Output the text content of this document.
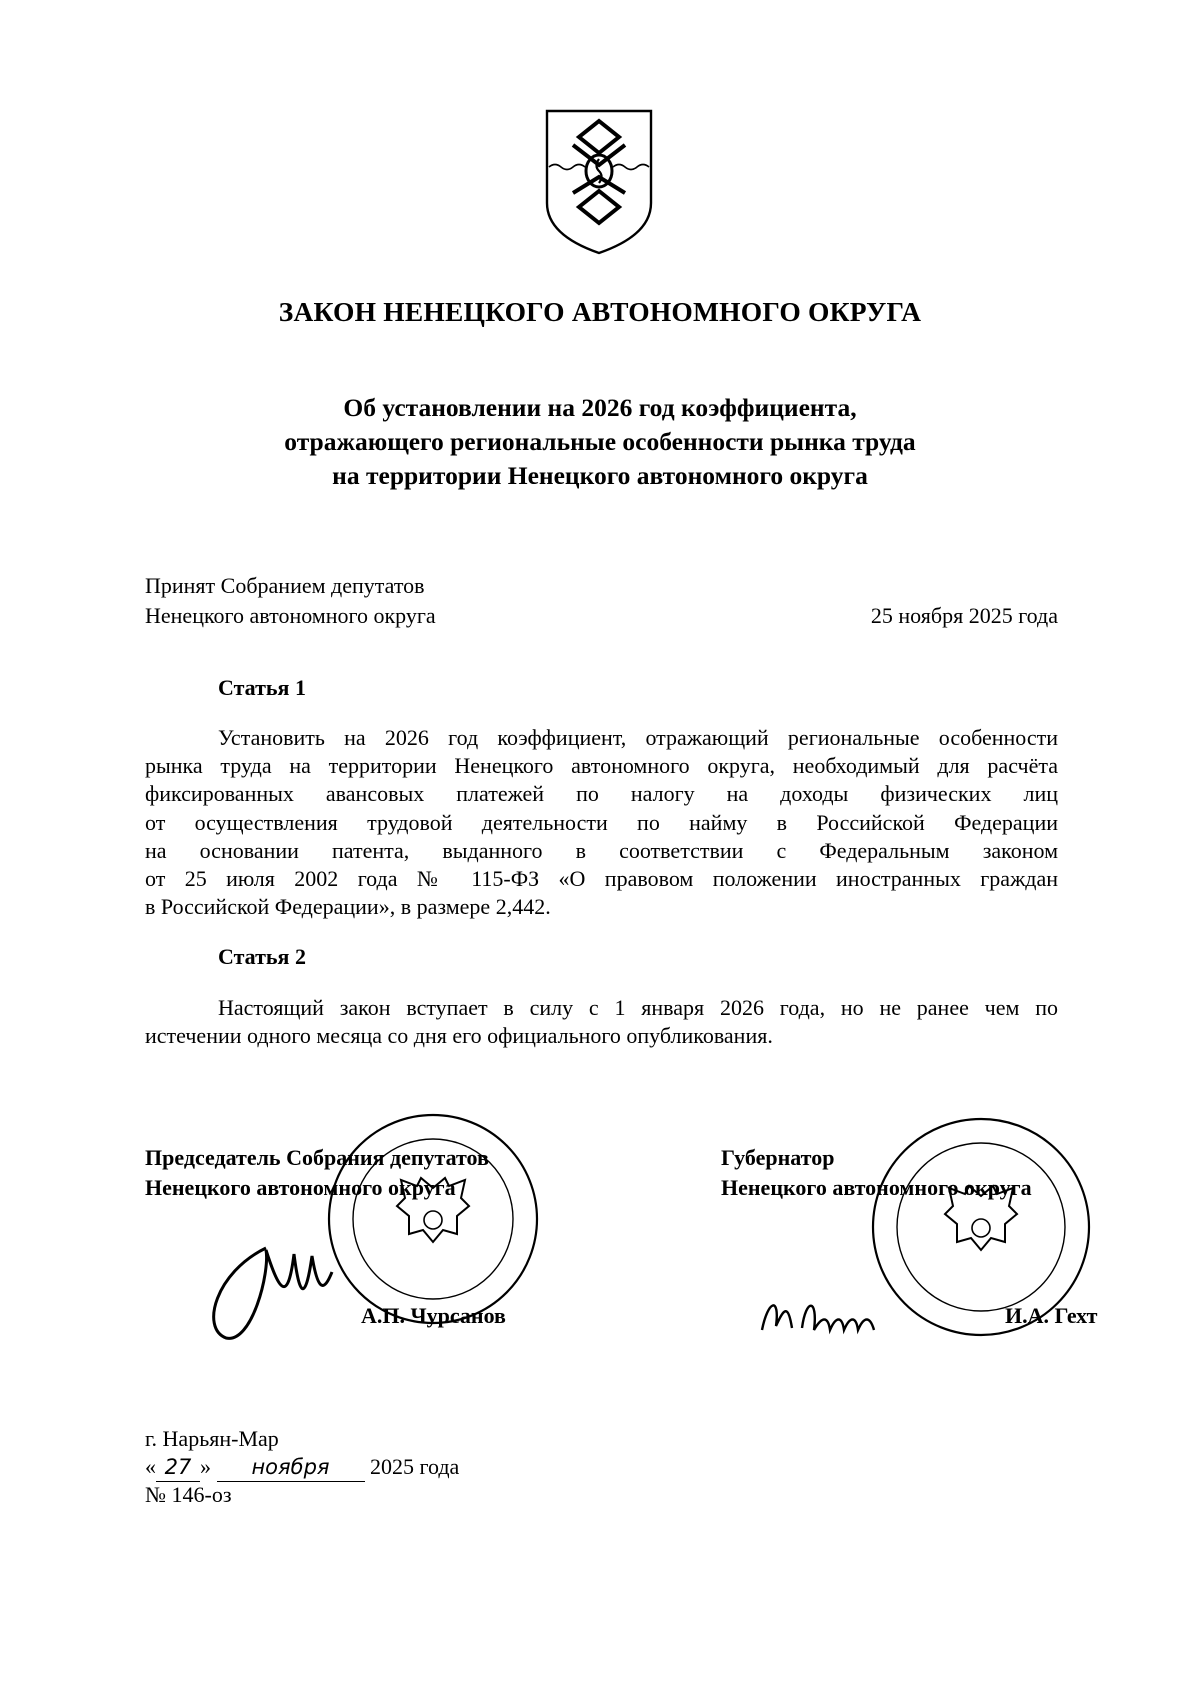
ЗАКОН НЕНЕЦКОГО АВТОНОМНОГО ОКРУГА
Об установлении на 2026 год коэффициента,
отражающего региональные особенности рынка труда
на территории Ненецкого автономного округа
Принят Собранием депутатов
Ненецкого автономного округа	25 ноября 2025 года
Статья 1
Установить на 2026 год коэффициент, отражающий региональные особенности
рынка труда на территории Ненецкого автономного округа, необходимый для расчёта
фиксированных авансовых платежей по налогу на доходы физических лиц
от осуществления трудовой деятельности по найму в Российской Федерации
на основании патента, выданного в соответствии с Федеральным законом
от 25 июля 2002 года № 115-ФЗ «О правовом положении иностранных граждан
в Российской Федерации», в размере 2,442.
Статья 2
Настоящий закон вступает в силу с 1 января 2026 года, но не ранее чем по
истечении одного месяца со дня его официального опубликования.
Председатель Собрания депутатов
Ненецкого автономного округа
А.П. Чурсанов
Губернатор
Ненецкого автономного округа
И.А. Гехт
г. Нарьян-Мар
« 27 » ноября 2025 года
№ 146-оз
